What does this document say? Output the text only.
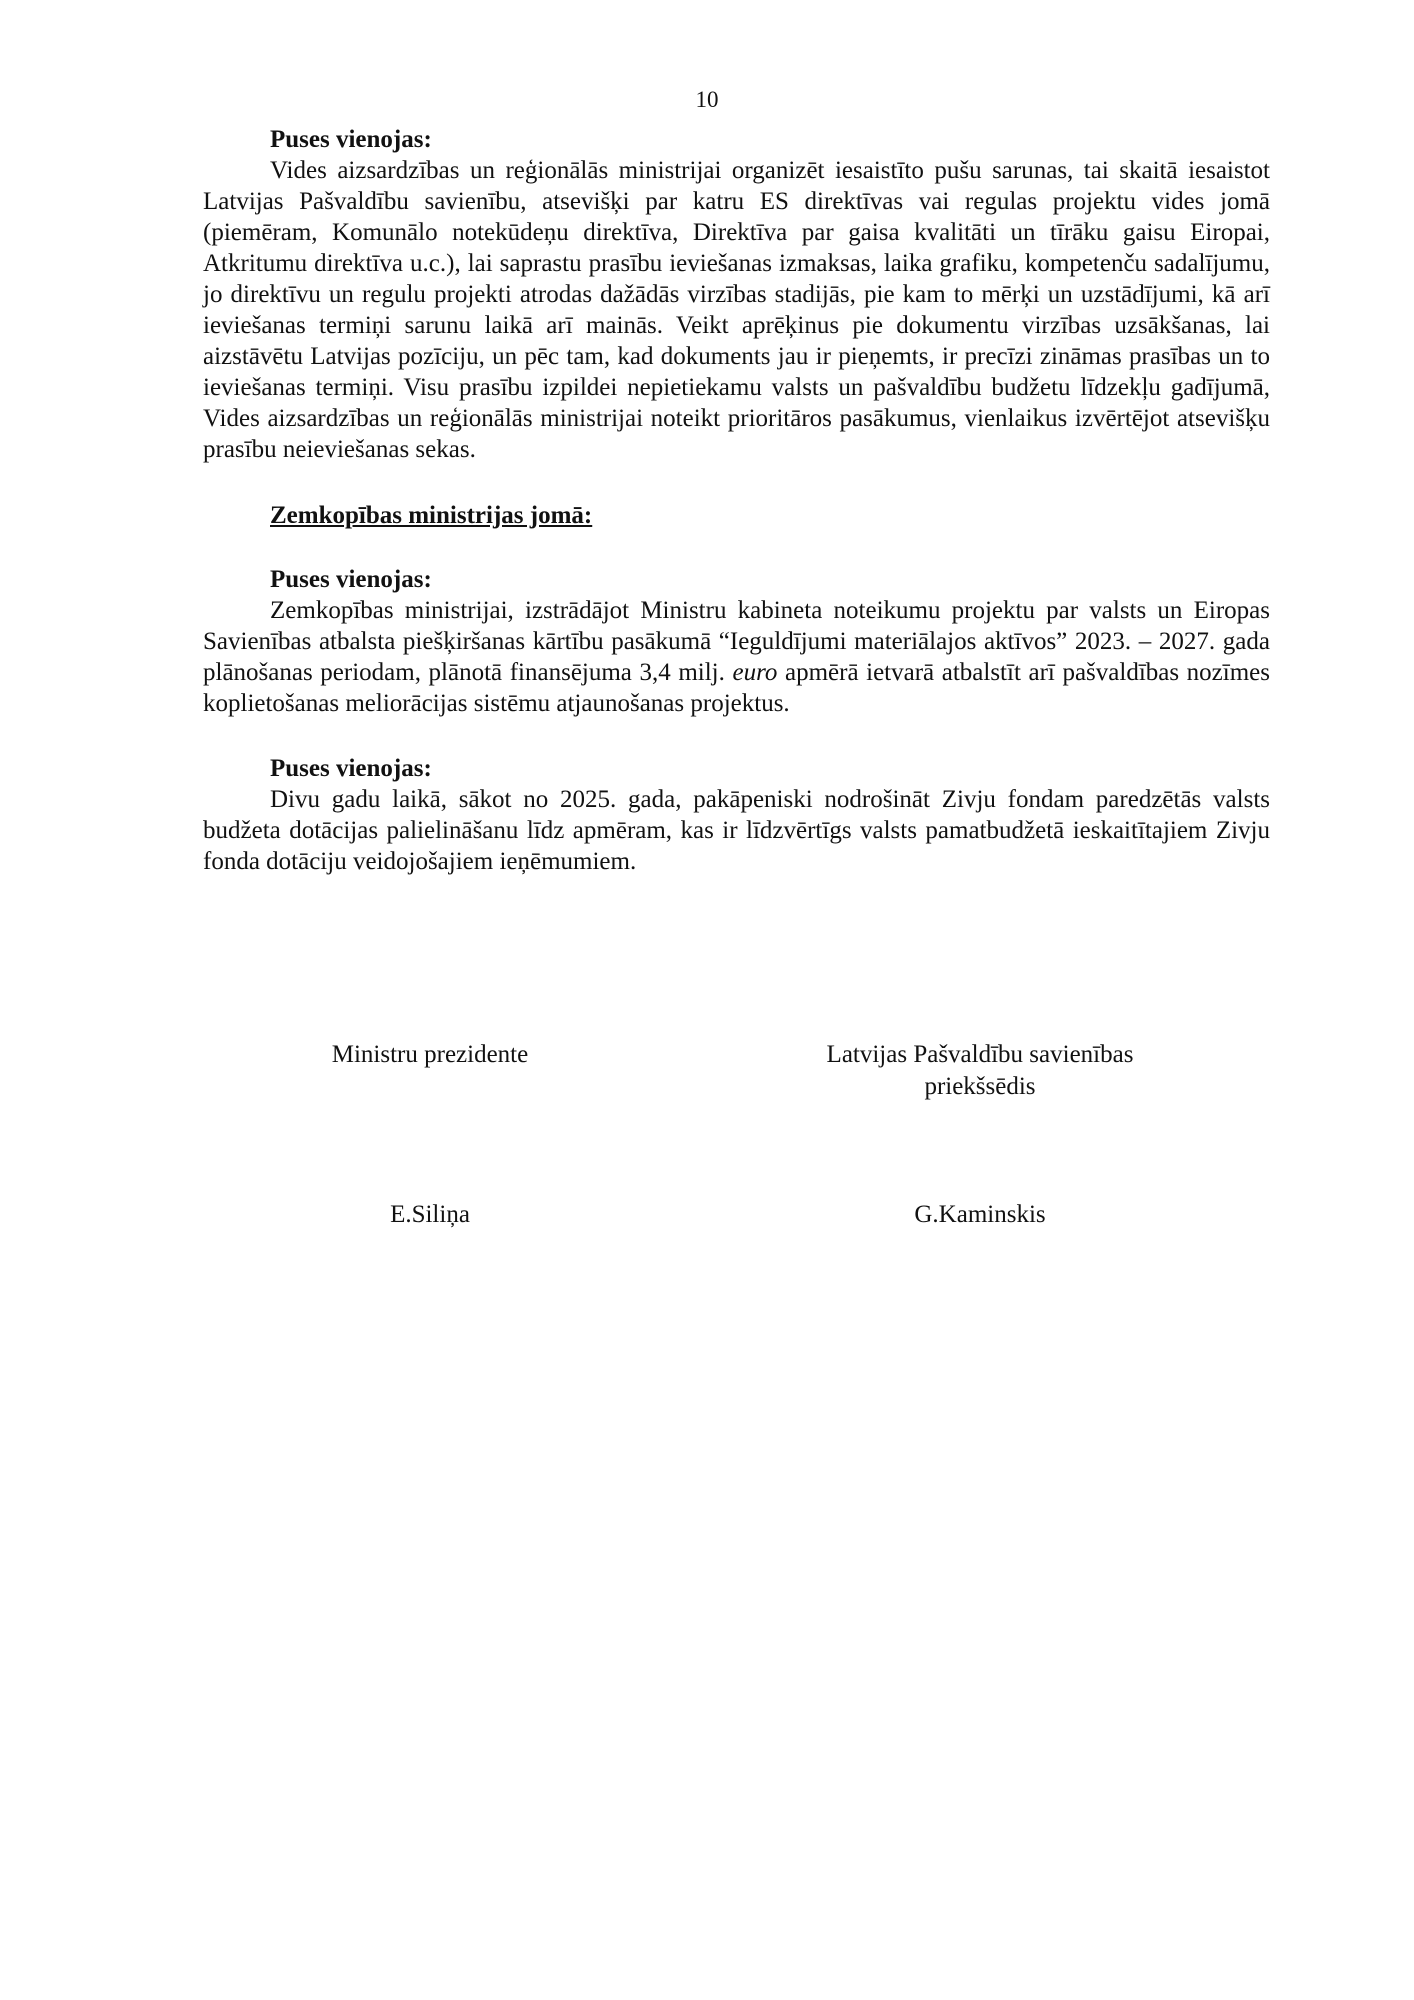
10

Puses vienojas:

Vides aizsardzības un reģionālās ministrijai organizēt iesaistīto pušu sarunas, tai skaitā iesaistot Latvijas Pašvaldību savienību, atsevišķi par katru ES direktīvas vai regulas projektu vides jomā (piemēram, Komunālo notekūdeņu direktīva, Direktīva par gaisa kvalitāti un tīrāku gaisu Eiropai, Atkritumu direktīva u.c.), lai saprastu prasību ieviešanas izmaksas, laika grafiku, kompetenču sadalījumu, jo direktīvu un regulu projekti atrodas dažādās virzības stadijās, pie kam to mērķi un uzstādījumi, kā arī ieviešanas termiņi sarunu laikā arī mainās. Veikt aprēķinus pie dokumentu virzības uzsākšanas, lai aizstāvētu Latvijas pozīciju, un pēc tam, kad dokuments jau ir pieņemts, ir precīzi zināmas prasības un to ieviešanas termiņi. Visu prasību izpildei nepietiekamu valsts un pašvaldību budžetu līdzekļu gadījumā, Vides aizsardzības un reģionālās ministrijai noteikt prioritāros pasākumus, vienlaikus izvērtējot atsevišķu prasību neieviešanas sekas.

Zemkopības ministrijas jomā:

Puses vienojas:

Zemkopības ministrijai, izstrādājot Ministru kabineta noteikumu projektu par valsts un Eiropas Savienības atbalsta piešķiršanas kārtību pasākumā “Ieguldījumi materiālajos aktīvos” 2023. – 2027. gada plānošanas periodam, plānotā finansējuma 3,4 milj. euro apmērā ietvarā atbalstīt arī pašvaldības nozīmes koplietošanas meliorācijas sistēmu atjaunošanas projektus.

Puses vienojas:

Divu gadu laikā, sākot no 2025. gada, pakāpeniski nodrošināt Zivju fondam paredzētās valsts budžeta dotācijas palielināšanu līdz apmēram, kas ir līdzvērtīgs valsts pamatbudžetā ieskaitītajiem Zivju fonda dotāciju veidojošajiem ieņēmumiem.

Ministru prezidente	Latvijas Pašvaldību savienības
priekšsēdis
E.Siliņa	G.Kaminskis
